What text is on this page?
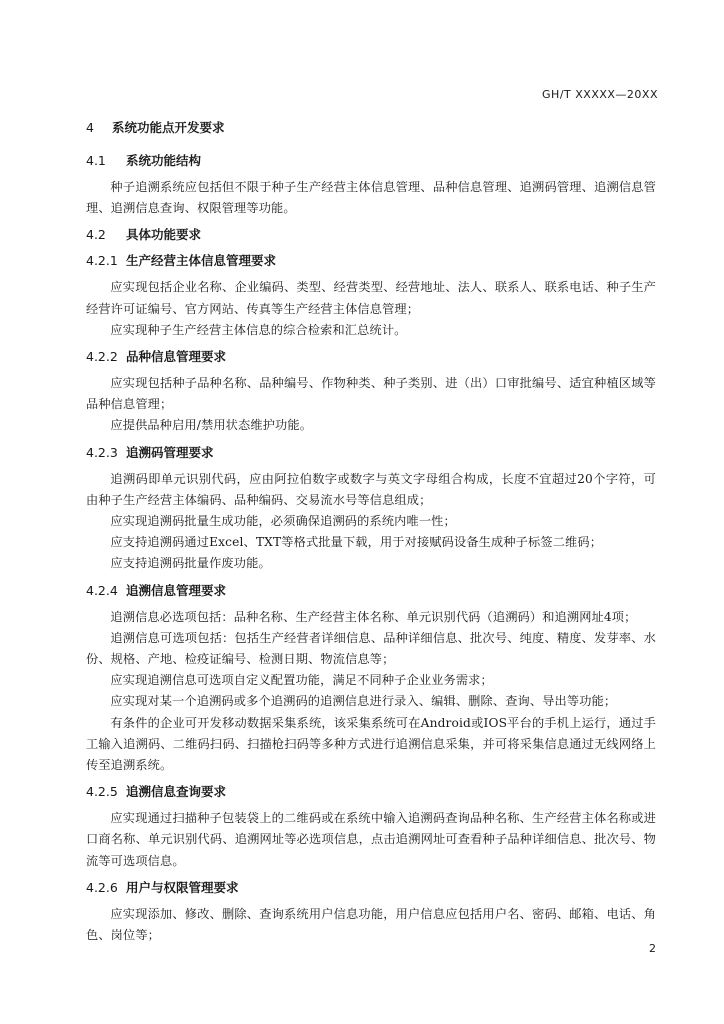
GH/T XXXXX—20XX
4 系统功能点开发要求
4.1 系统功能结构

种子追溯系统应包括但不限于种子生产经营主体信息管理、品种信息管理、追溯码管理、追溯信息管理、追溯信息查询、权限管理等功能。

4.2 具体功能要求
4.2.1 生产经营主体信息管理要求

应实现包括企业名称、企业编码、类型、经营类型、经营地址、法人、联系人、联系电话、种子生产经营许可证编号、官方网站、传真等生产经营主体信息管理；

应实现种子生产经营主体信息的综合检索和汇总统计。

4.2.2 品种信息管理要求

应实现包括种子品种名称、品种编号、作物种类、种子类别、进（出）口审批编号、适宜种植区域等品种信息管理；

应提供品种启用/禁用状态维护功能。

4.2.3 追溯码管理要求

追溯码即单元识别代码，应由阿拉伯数字或数字与英文字母组合构成，长度不宜超过20个字符，可由种子生产经营主体编码、品种编码、交易流水号等信息组成；

应实现追溯码批量生成功能，必须确保追溯码的系统内唯一性；

应支持追溯码通过Excel、TXT等格式批量下载，用于对接赋码设备生成种子标签二维码；

应支持追溯码批量作废功能。

4.2.4 追溯信息管理要求

追溯信息必选项包括：品种名称、生产经营主体名称、单元识别代码（追溯码）和追溯网址4项；

追溯信息可选项包括：包括生产经营者详细信息、品种详细信息、批次号、纯度、精度、发芽率、水份、规格、产地、检疫证编号、检测日期、物流信息等；

应实现追溯信息可选项自定义配置功能，满足不同种子企业业务需求；

应实现对某一个追溯码或多个追溯码的追溯信息进行录入、编辑、删除、查询、导出等功能；

有条件的企业可开发移动数据采集系统，该采集系统可在Android或IOS平台的手机上运行，通过手工输入追溯码、二维码扫码、扫描枪扫码等多种方式进行追溯信息采集，并可将采集信息通过无线网络上传至追溯系统。

4.2.5 追溯信息查询要求

应实现通过扫描种子包装袋上的二维码或在系统中输入追溯码查询品种名称、生产经营主体名称或进口商名称、单元识别代码、追溯网址等必选项信息，点击追溯网址可查看种子品种详细信息、批次号、物流等可选项信息。

4.2.6 用户与权限管理要求

应实现添加、修改、删除、查询系统用户信息功能，用户信息应包括用户名、密码、邮箱、电话、角色、岗位等；

2
